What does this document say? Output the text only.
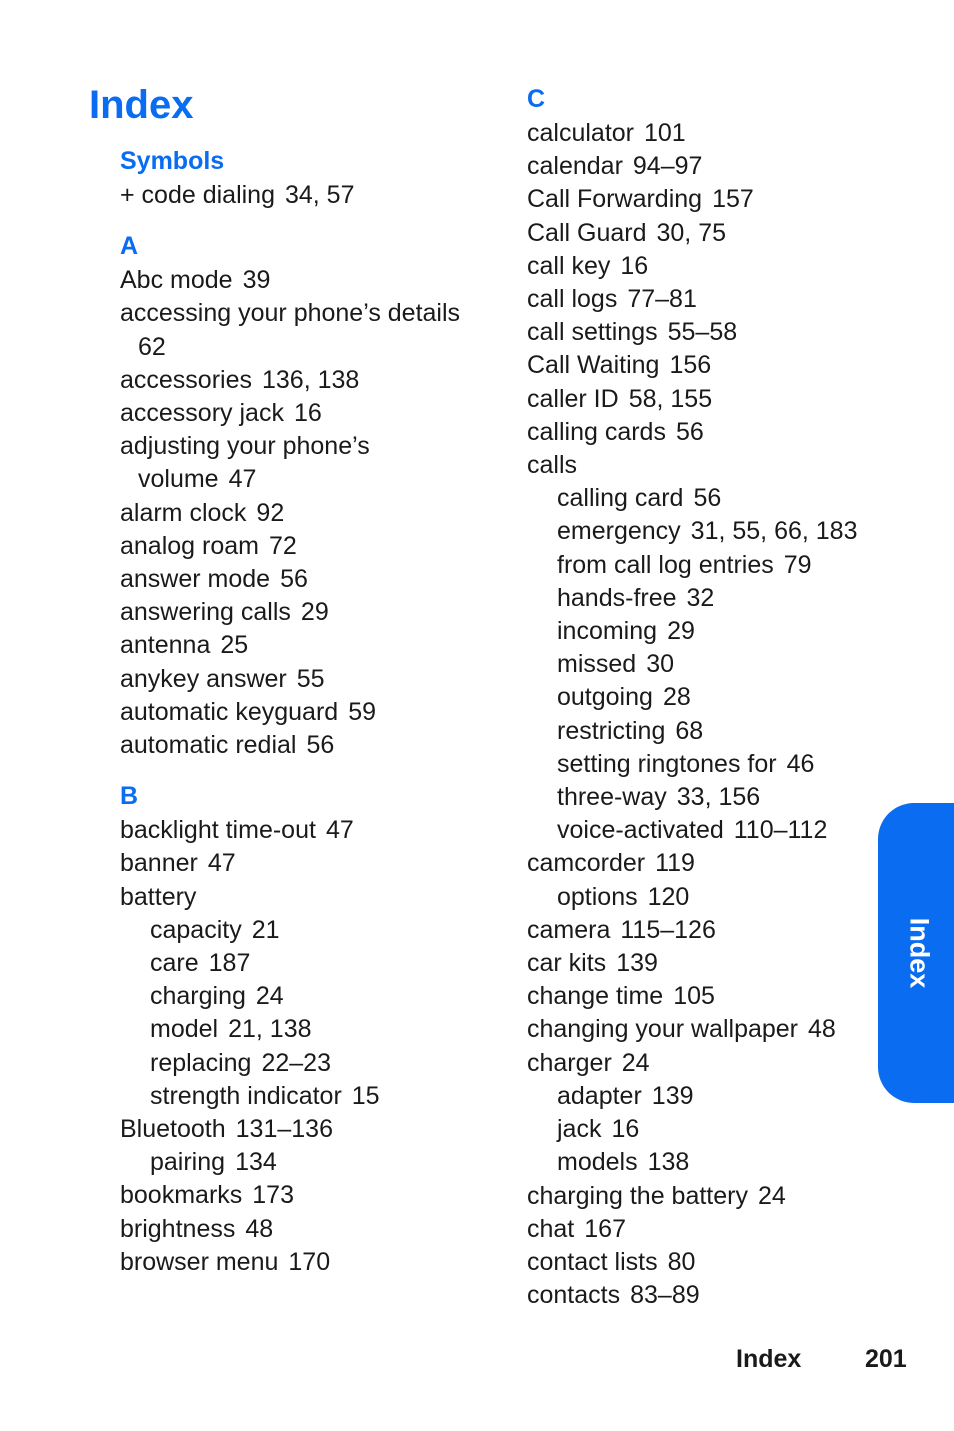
Index
Symbols
+ code dialing 34, 57
A
Abc mode 39
accessing your phone’s details
62
accessories 136, 138
accessory jack 16
adjusting your phone’s
volume 47
alarm clock 92
analog roam 72
answer mode 56
answering calls 29
antenna 25
anykey answer 55
automatic keyguard 59
automatic redial 56
B
backlight time-out 47
banner 47
battery
capacity 21
care 187
charging 24
model 21, 138
replacing 22–23
strength indicator 15
Bluetooth 131–136
pairing 134
bookmarks 173
brightness 48
browser menu 170
C
calculator 101
calendar 94–97
Call Forwarding 157
Call Guard 30, 75
call key 16
call logs 77–81
call settings 55–58
Call Waiting 156
caller ID 58, 155
calling cards 56
calls
calling card 56
emergency 31, 55, 66, 183
from call log entries 79
hands-free 32
incoming 29
missed 30
outgoing 28
restricting 68
setting ringtones for 46
three-way 33, 156
voice-activated 110–112
camcorder 119
options 120
camera 115–126
car kits 139
change time 105
changing your wallpaper 48
charger 24
adapter 139
jack 16
models 138
charging the battery 24
chat 167
contact lists 80
contacts 83–89
Index
Index	201
